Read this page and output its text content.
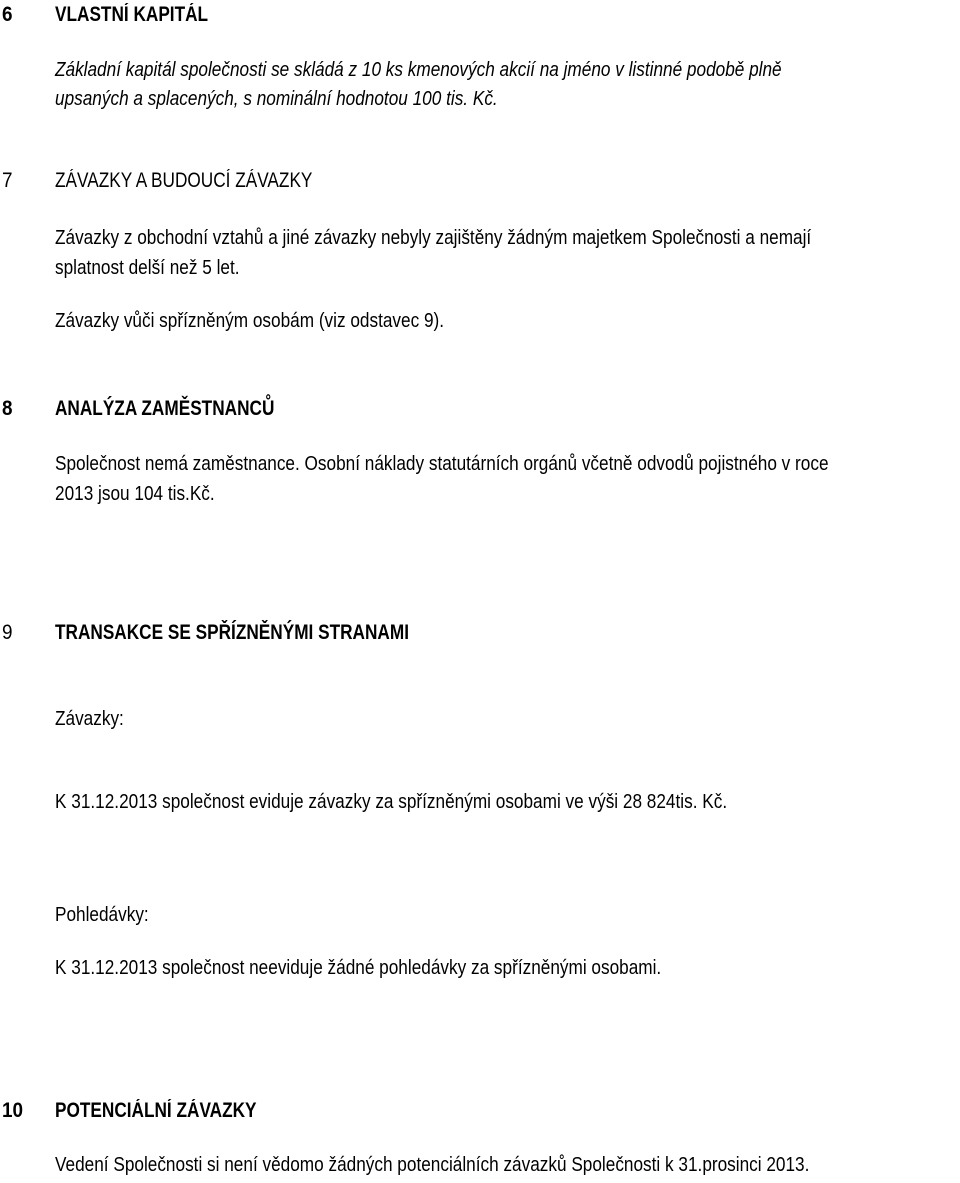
6 VLASTNÍ KAPITÁL
Základní kapitál společnosti se skládá z 10 ks kmenových akcií na jméno v listinné podobě plně
upsaných a splacených, s nominální hodnotou 100 tis. Kč.
7 ZÁVAZKY A BUDOUCÍ ZÁVAZKY
Závazky z obchodní vztahů a jiné závazky nebyly zajištěny žádným majetkem Společnosti a nemají
splatnost delší než 5 let.
Závazky vůči spřízněným osobám (viz odstavec 9).
8 ANALÝZA ZAMĚSTNANCŮ
Společnost nemá zaměstnance. Osobní náklady statutárních orgánů včetně odvodů pojistného v roce
2013 jsou 104 tis.Kč.
9 TRANSAKCE SE SPŘÍZNĚNÝMI STRANAMI
Závazky:
K 31.12.2013 společnost eviduje závazky za spřízněnými osobami ve výši 28 824tis. Kč.
Pohledávky:
K 31.12.2013 společnost neeviduje žádné pohledávky za spřízněnými osobami.
10 POTENCIÁLNÍ ZÁVAZKY
Vedení Společnosti si není vědomo žádných potenciálních závazků Společnosti k 31.prosinci 2013.
